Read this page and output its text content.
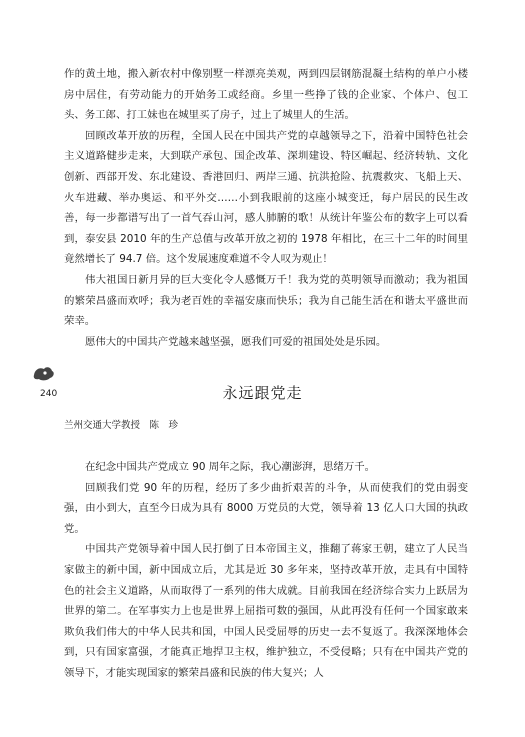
作的黄土地，搬入新农村中像别墅一样漂亮美观，两到四层钢筋混凝土结构的单户小楼房中居住，有劳动能力的开始务工或经商。乡里一些挣了钱的企业家、个体户、包工头、务工郎、打工妹也在城里买了房子，过上了城里人的生活。

回顾改革开放的历程，全国人民在中国共产党的卓越领导之下，沿着中国特色社会主义道路健步走来，大到联产承包、国企改革、深圳建设、特区崛起、经济转轨、文化创新、西部开发、东北建设、香港回归、两岸三通、抗洪抢险、抗震救灾、飞船上天、火车进藏、举办奥运、和平外交……小到我眼前的这座小城变迁，每户居民的民生改善，每一步都谱写出了一首气吞山河，感人肺腑的歌！从统计年鉴公布的数字上可以看到，泰安县 2010 年的生产总值与改革开放之初的 1978 年相比，在三十二年的时间里竟然增长了 94.7 倍。这个发展速度难道不令人叹为观止！

伟大祖国日新月异的巨大变化令人感慨万千！我为党的英明领导而激动；我为祖国的繁荣昌盛而欢呼；我为老百姓的幸福安康而快乐；我为自己能生活在和谐太平盛世而荣幸。

愿伟大的中国共产党越来越坚强，愿我们可爱的祖国处处是乐园。

240	永远跟党走
兰州交通大学教授　陈　珍

在纪念中国共产党成立 90 周年之际，我心潮澎湃，思绪万千。

回顾我们党 90 年的历程，经历了多少曲折艰苦的斗争，从而使我们的党由弱变强，由小到大，直至今日成为具有 8000 万党员的大党，领导着 13 亿人口大国的执政党。

中国共产党领导着中国人民打倒了日本帝国主义，推翻了蒋家王朝，建立了人民当家做主的新中国，新中国成立后，尤其是近 30 多年来，坚持改革开放，走具有中国特色的社会主义道路，从而取得了一系列的伟大成就。目前我国在经济综合实力上跃居为世界的第二。在军事实力上也是世界上屈指可数的强国，从此再没有任何一个国家敢来欺负我们伟大的中华人民共和国，中国人民受屈辱的历史一去不复返了。我深深地体会到，只有国家富强，才能真正地捍卫主权，维护独立，不受侵略；只有在中国共产党的领导下，才能实现国家的繁荣昌盛和民族的伟大复兴；人
